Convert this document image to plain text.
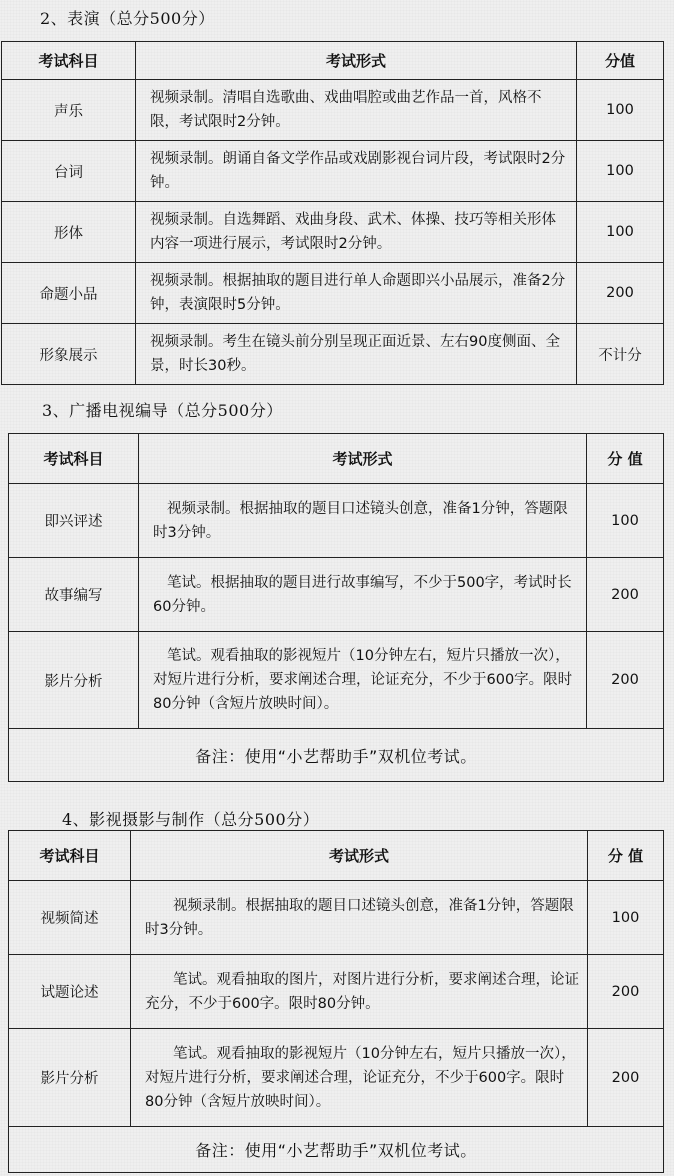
2、表演（总分500分）
考试科目	考试形式	分值
声乐	视频录制。清唱自选歌曲、戏曲唱腔或曲艺作品一首，风格不限，考试限时2分钟。	100
台词	视频录制。朗诵自备文学作品或戏剧影视台词片段，考试限时2分钟。	100
形体	视频录制。自选舞蹈、戏曲身段、武术、体操、技巧等相关形体内容一项进行展示，考试限时2分钟。	100
命题小品	视频录制。根据抽取的题目进行单人命题即兴小品展示，准备2分钟，表演限时5分钟。	200
形象展示	视频录制。考生在镜头前分别呈现正面近景、左右90度侧面、全景，时长30秒。	不计分
3、广播电视编导（总分500分）
考试科目	考试形式	分 值
即兴评述	视频录制。根据抽取的题目口述镜头创意，准备1分钟，答题限时3分钟。	100
故事编写	笔试。根据抽取的题目进行故事编写，不少于500字，考试时长60分钟。	200
影片分析	笔试。观看抽取的影视短片（10分钟左右，短片只播放一次），对短片进行分析，要求阐述合理，论证充分，不少于600字。限时80分钟（含短片放映时间）。	200
备注：使用“小艺帮助手”双机位考试。		
4、影视摄影与制作（总分500分）
考试科目	考试形式	分 值
视频简述	视频录制。根据抽取的题目口述镜头创意，准备1分钟，答题限时3分钟。	100
试题论述	笔试。观看抽取的图片，对图片进行分析，要求阐述合理，论证充分，不少于600字。限时80分钟。	200
影片分析	笔试。观看抽取的影视短片（10分钟左右，短片只播放一次），对短片进行分析，要求阐述合理，论证充分，不少于600字。限时80分钟（含短片放映时间）。	200
备注：使用“小艺帮助手”双机位考试。		
